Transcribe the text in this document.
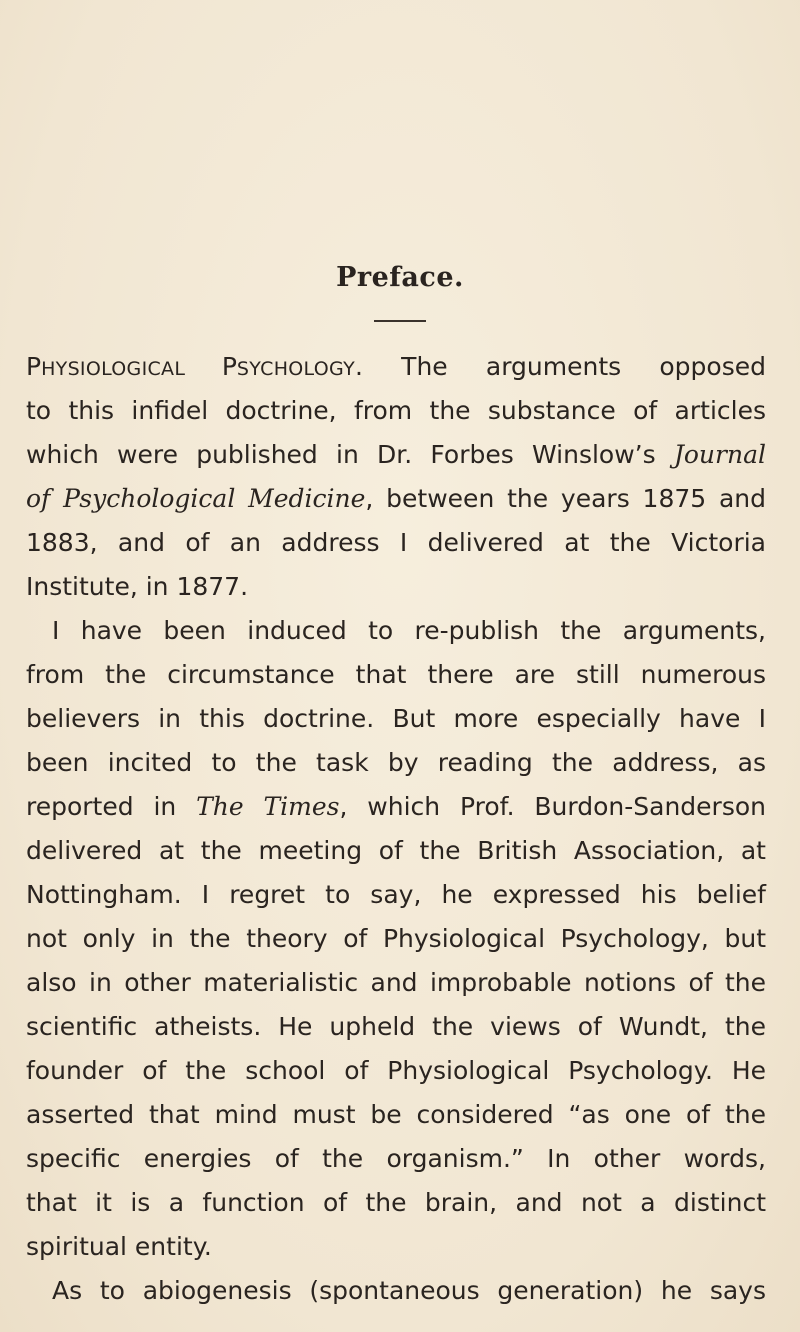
Preface.
PHYSIOLOGICAL PSYCHOLOGY. The arguments opposed
to this infidel doctrine, from the substance of articles
which were published in Dr. Forbes Winslow’s Journal
of Psychological Medicine, between the years 1875 and
1883, and of an address I delivered at the Victoria
Institute, in 1877.
I have been induced to re-publish the arguments,
from the circumstance that there are still numerous
believers in this doctrine. But more especially have I
been incited to the task by reading the address, as
reported in The Times, which Prof. Burdon-Sanderson
delivered at the meeting of the British Association, at
Nottingham. I regret to say, he expressed his belief
not only in the theory of Physiological Psychology, but
also in other materialistic and improbable notions of the
scientific atheists. He upheld the views of Wundt, the
founder of the school of Physiological Psychology. He
asserted that mind must be considered “as one of the
specific energies of the organism.” In other words,
that it is a function of the brain, and not a distinct
spiritual entity.
As to abiogenesis (spontaneous generation) he says
